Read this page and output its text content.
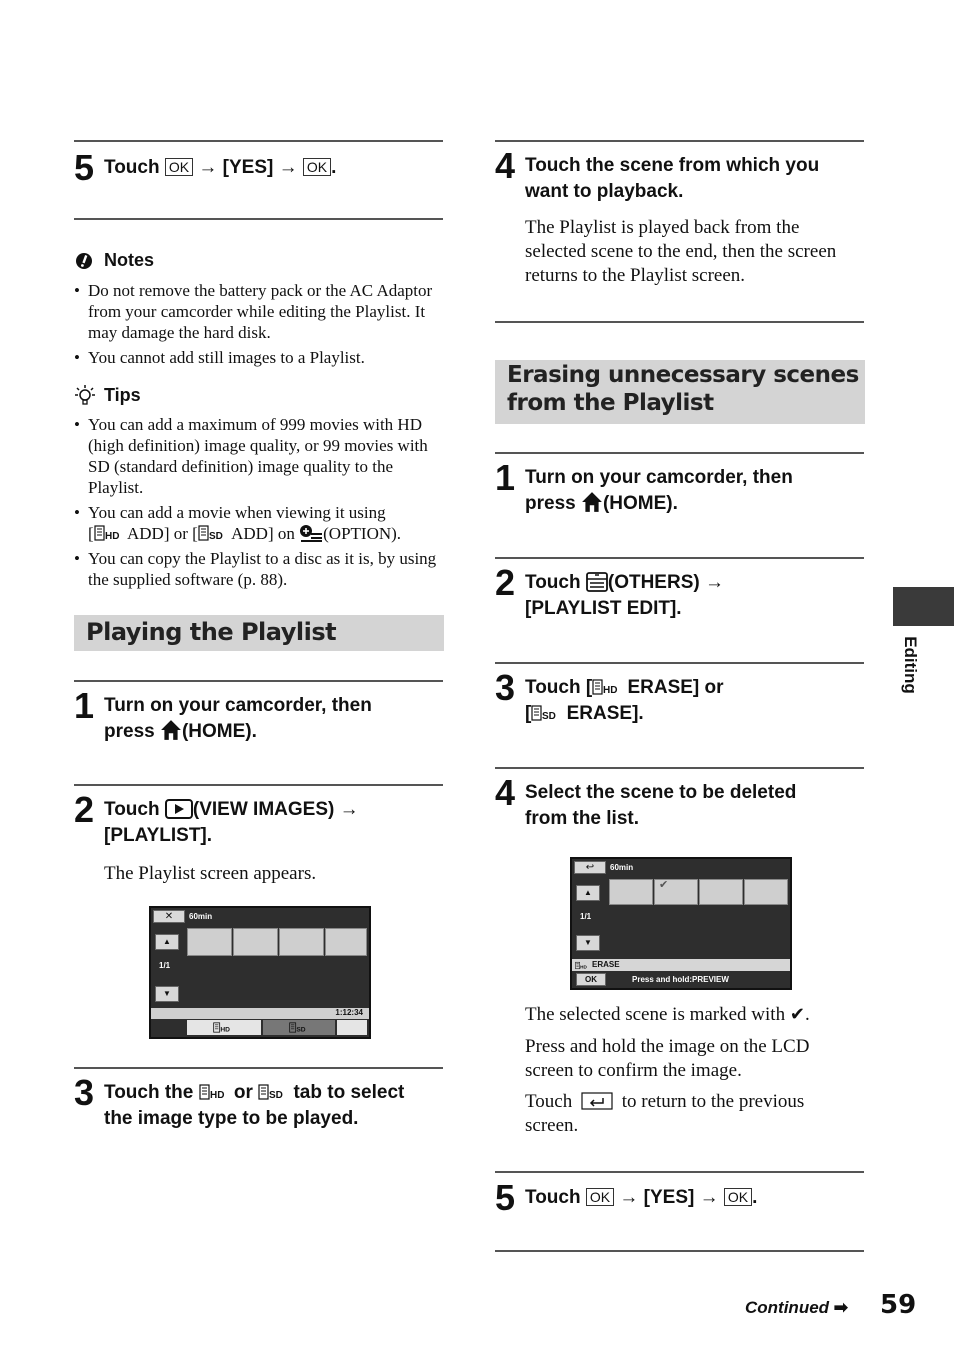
5 Touch OK → [YES] → OK .
Notes
• Do not remove the battery pack or the AC Adaptor from your camcorder while editing the Playlist. It may damage the hard disk.
• You cannot add still images to a Playlist.
Tips
• You can add a maximum of 999 movies with HD (high definition) image quality, or 99 movies with SD (standard definition) image quality to the Playlist.
• You can add a movie when viewing it using
[ ADD] or [ ADD] on (OPTION).
• You can copy the Playlist to a disc as it is, by using the supplied software (p. 88).
Playing the Playlist
1 Turn on your camcorder, then
press (HOME).
2 Touch (VIEW IMAGES) →
[PLAYLIST].
The Playlist screen appears.
✕	60min
▲
1/1
▼
1:12:34
3 Touch the or tab to select
the image type to be played.
4 Touch the scene from which you
want to playback.
The Playlist is played back from the selected scene to the end, then the screen returns to the Playlist screen.
Erasing unnecessary scenes
from the Playlist
1 Turn on your camcorder, then
press (HOME).
2 Touch (OTHERS) →
[PLAYLIST EDIT].
3 Touch [ ERASE] or
[ ERASE].
4 Select the scene to be deleted
from the list.
↩	60min
▲
1/1
▼
✔
ERASE
OK	Press and hold:PREVIEW
The selected scene is marked with ✔.
Press and hold the image on the LCD screen to confirm the image.
Touch	to return to the previous screen.
5 Touch OK → [YES] → OK .
Editing
Continued ➡ 59
